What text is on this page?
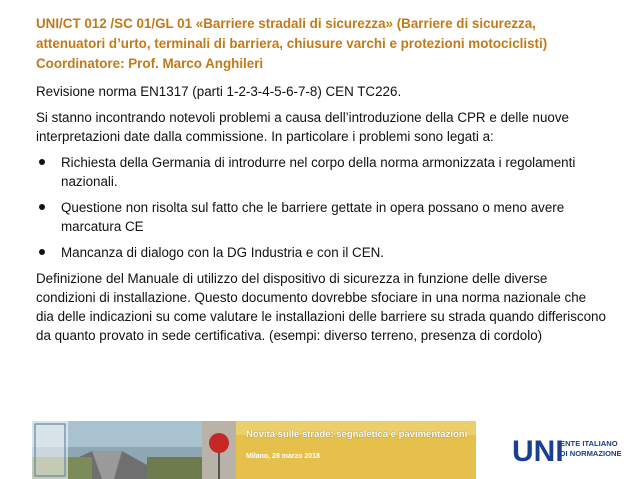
UNI/CT 012 /SC 01/GL 01 «Barriere stradali di sicurezza» (Barriere di sicurezza, attenuatori d’urto, terminali di barriera, chiusure varchi e protezioni motociclisti)

Coordinatore: Prof. Marco Anghileri

Revisione norma EN1317 (parti 1-2-3-4-5-6-7-8) CEN TC226.

Si stanno incontrando notevoli problemi a causa dell’introduzione della CPR e delle nuove interpretazioni date dalla commissione. In particolare i problemi sono legati a:

Richiesta della Germania di introdurre nel corpo della norma armonizzata i regolamenti nazionali.
Questione non risolta sul fatto che le barriere gettate in opera possano o meno avere marcatura CE
Mancanza di dialogo con la DG Industria e con il CEN.

Definizione del Manuale di utilizzo del dispositivo di sicurezza in funzione delle diverse condizioni di installazione. Questo documento dovrebbe sfociare in una norma nazionale che dia delle indicazioni su come valutare le installazioni delle barriere su strada quando differiscono da quanto provato in sede certificativa. (esempi: diverso terreno, presenza di cordolo)

UNI
Novità sulle strade: segnaletica e pavimentazioni
Milano, 28 marzo 2018
ENTE ITALIANO
DI NORMAZIONE
